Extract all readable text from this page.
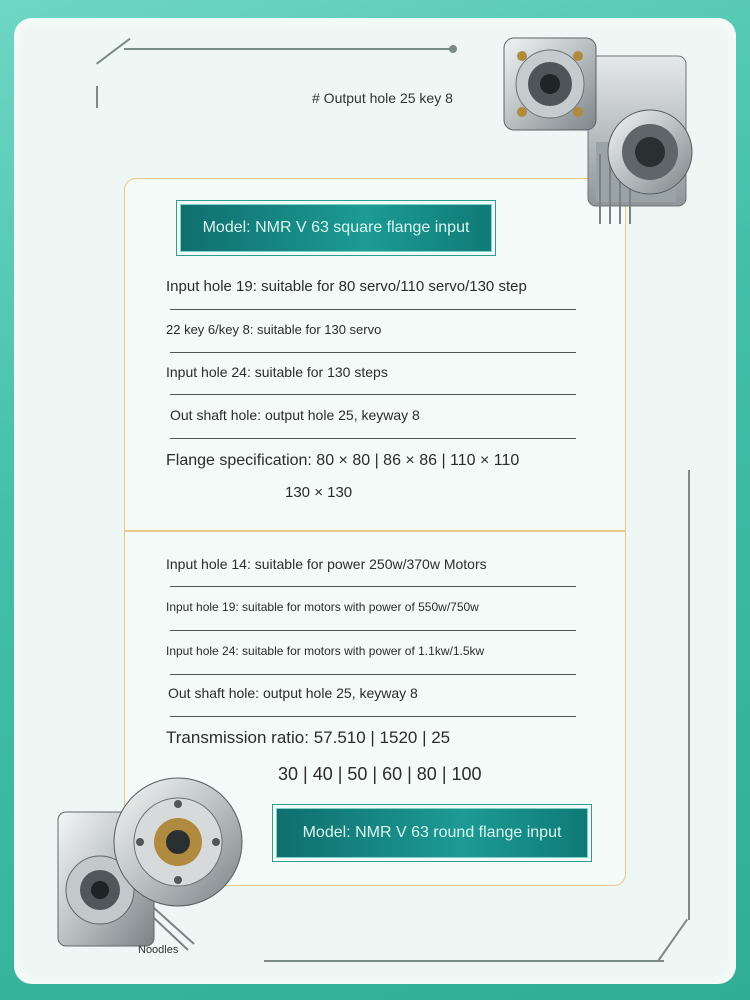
# Output hole 25 key 8
Model: NMR V 63 square flange input
Input hole 19: suitable for 80 servo/110 servo/130 step
22 key 6/key 8: suitable for 130 servo
Input hole 24: suitable for 130 steps
Out shaft hole: output hole 25, keyway 8
Flange specification: 80 × 80 | 86 × 86 | 110 × 110
130 × 130
Input hole 14: suitable for power 250w/370w Motors
Input hole 19: suitable for motors with power of 550w/750w
Input hole 24: suitable for motors with power of 1.1kw/1.5kw
Out shaft hole: output hole 25, keyway 8
Transmission ratio: 57.510 | 1520 | 25
30 | 40 | 50 | 60 | 80 | 100
Model: NMR V 63 round flange input
Noodles
